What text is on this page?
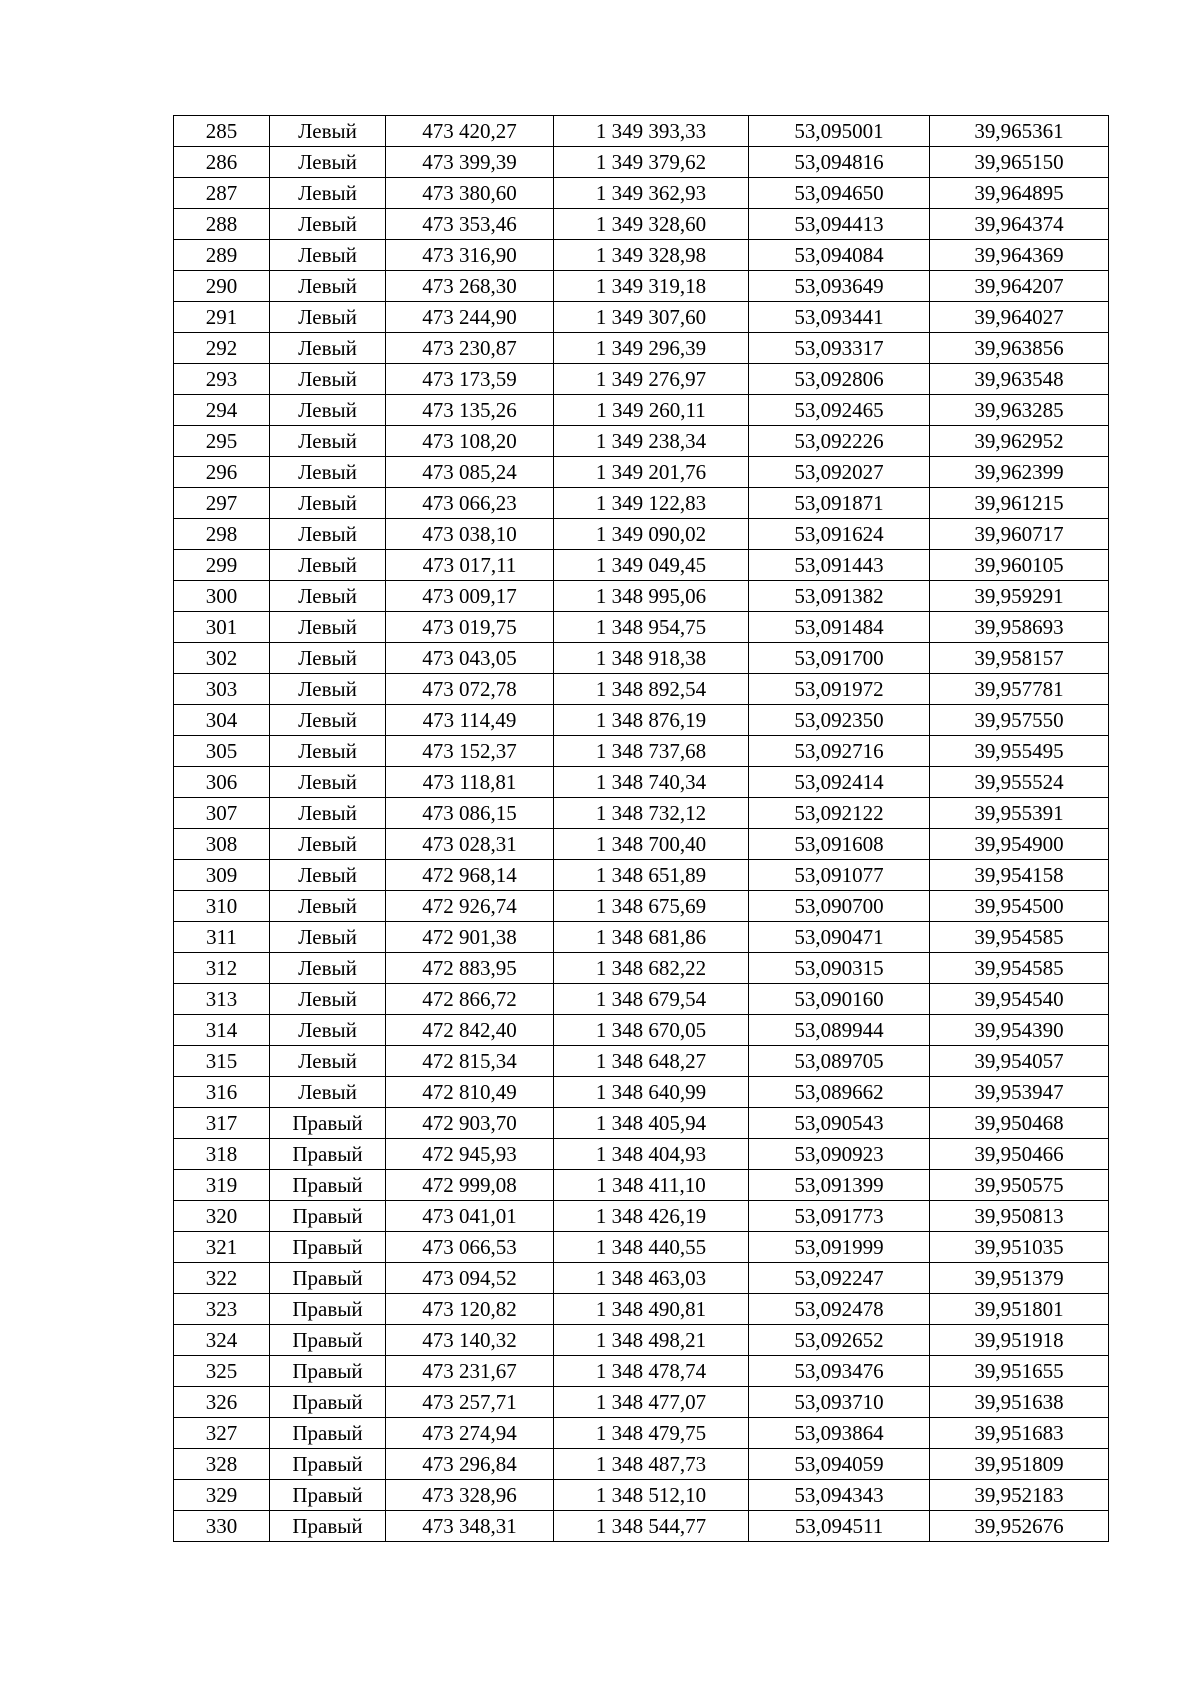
285	Левый	473 420,27	1 349 393,33	53,095001	39,965361
286	Левый	473 399,39	1 349 379,62	53,094816	39,965150
287	Левый	473 380,60	1 349 362,93	53,094650	39,964895
288	Левый	473 353,46	1 349 328,60	53,094413	39,964374
289	Левый	473 316,90	1 349 328,98	53,094084	39,964369
290	Левый	473 268,30	1 349 319,18	53,093649	39,964207
291	Левый	473 244,90	1 349 307,60	53,093441	39,964027
292	Левый	473 230,87	1 349 296,39	53,093317	39,963856
293	Левый	473 173,59	1 349 276,97	53,092806	39,963548
294	Левый	473 135,26	1 349 260,11	53,092465	39,963285
295	Левый	473 108,20	1 349 238,34	53,092226	39,962952
296	Левый	473 085,24	1 349 201,76	53,092027	39,962399
297	Левый	473 066,23	1 349 122,83	53,091871	39,961215
298	Левый	473 038,10	1 349 090,02	53,091624	39,960717
299	Левый	473 017,11	1 349 049,45	53,091443	39,960105
300	Левый	473 009,17	1 348 995,06	53,091382	39,959291
301	Левый	473 019,75	1 348 954,75	53,091484	39,958693
302	Левый	473 043,05	1 348 918,38	53,091700	39,958157
303	Левый	473 072,78	1 348 892,54	53,091972	39,957781
304	Левый	473 114,49	1 348 876,19	53,092350	39,957550
305	Левый	473 152,37	1 348 737,68	53,092716	39,955495
306	Левый	473 118,81	1 348 740,34	53,092414	39,955524
307	Левый	473 086,15	1 348 732,12	53,092122	39,955391
308	Левый	473 028,31	1 348 700,40	53,091608	39,954900
309	Левый	472 968,14	1 348 651,89	53,091077	39,954158
310	Левый	472 926,74	1 348 675,69	53,090700	39,954500
311	Левый	472 901,38	1 348 681,86	53,090471	39,954585
312	Левый	472 883,95	1 348 682,22	53,090315	39,954585
313	Левый	472 866,72	1 348 679,54	53,090160	39,954540
314	Левый	472 842,40	1 348 670,05	53,089944	39,954390
315	Левый	472 815,34	1 348 648,27	53,089705	39,954057
316	Левый	472 810,49	1 348 640,99	53,089662	39,953947
317	Правый	472 903,70	1 348 405,94	53,090543	39,950468
318	Правый	472 945,93	1 348 404,93	53,090923	39,950466
319	Правый	472 999,08	1 348 411,10	53,091399	39,950575
320	Правый	473 041,01	1 348 426,19	53,091773	39,950813
321	Правый	473 066,53	1 348 440,55	53,091999	39,951035
322	Правый	473 094,52	1 348 463,03	53,092247	39,951379
323	Правый	473 120,82	1 348 490,81	53,092478	39,951801
324	Правый	473 140,32	1 348 498,21	53,092652	39,951918
325	Правый	473 231,67	1 348 478,74	53,093476	39,951655
326	Правый	473 257,71	1 348 477,07	53,093710	39,951638
327	Правый	473 274,94	1 348 479,75	53,093864	39,951683
328	Правый	473 296,84	1 348 487,73	53,094059	39,951809
329	Правый	473 328,96	1 348 512,10	53,094343	39,952183
330	Правый	473 348,31	1 348 544,77	53,094511	39,952676
